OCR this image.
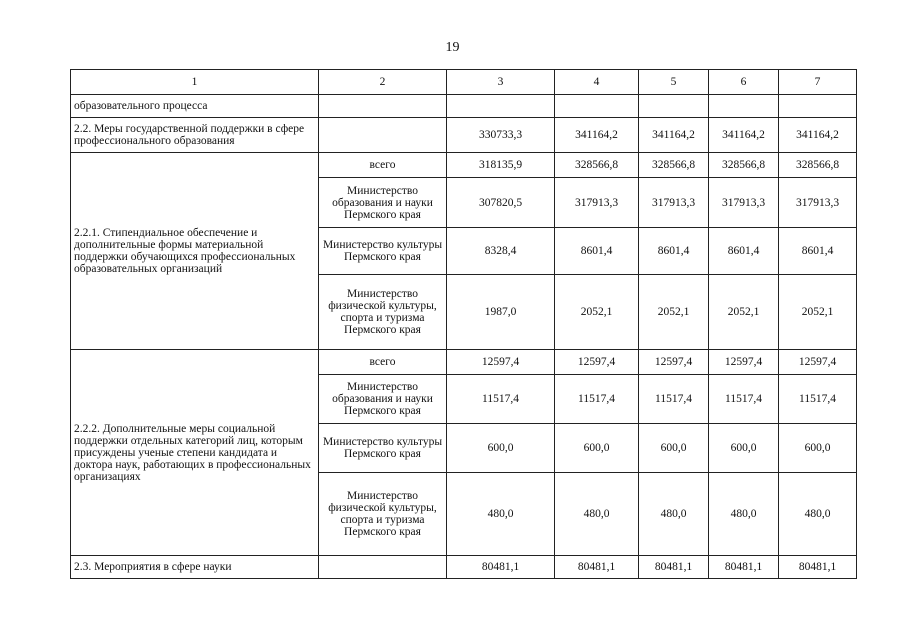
19
1	2	3	4	5	6	7
образовательного процесса						
2.2. Меры государственной поддержки в сфере профессионального образования		330733,3	341164,2	341164,2	341164,2	341164,2
2.2.1. Стипендиальное обеспечение и дополнительные формы материальной поддержки обучающихся профессиональных образовательных организаций	всего	318135,9	328566,8	328566,8	328566,8	328566,8
	Министерство образования и науки Пермского края	307820,5	317913,3	317913,3	317913,3	317913,3
	Министерство культуры Пермского края	8328,4	8601,4	8601,4	8601,4	8601,4
	Министерство физической культуры, спорта и туризма Пермского края	1987,0	2052,1	2052,1	2052,1	2052,1
2.2.2. Дополнительные меры социальной поддержки отдельных категорий лиц, которым присуждены ученые степени кандидата и доктора наук, работающих в профессиональных организациях	всего	12597,4	12597,4	12597,4	12597,4	12597,4
	Министерство образования и науки Пермского края	11517,4	11517,4	11517,4	11517,4	11517,4
	Министерство культуры Пермского края	600,0	600,0	600,0	600,0	600,0
	Министерство физической культуры, спорта и туризма Пермского края	480,0	480,0	480,0	480,0	480,0
2.3. Мероприятия в сфере науки		80481,1	80481,1	80481,1	80481,1	80481,1
